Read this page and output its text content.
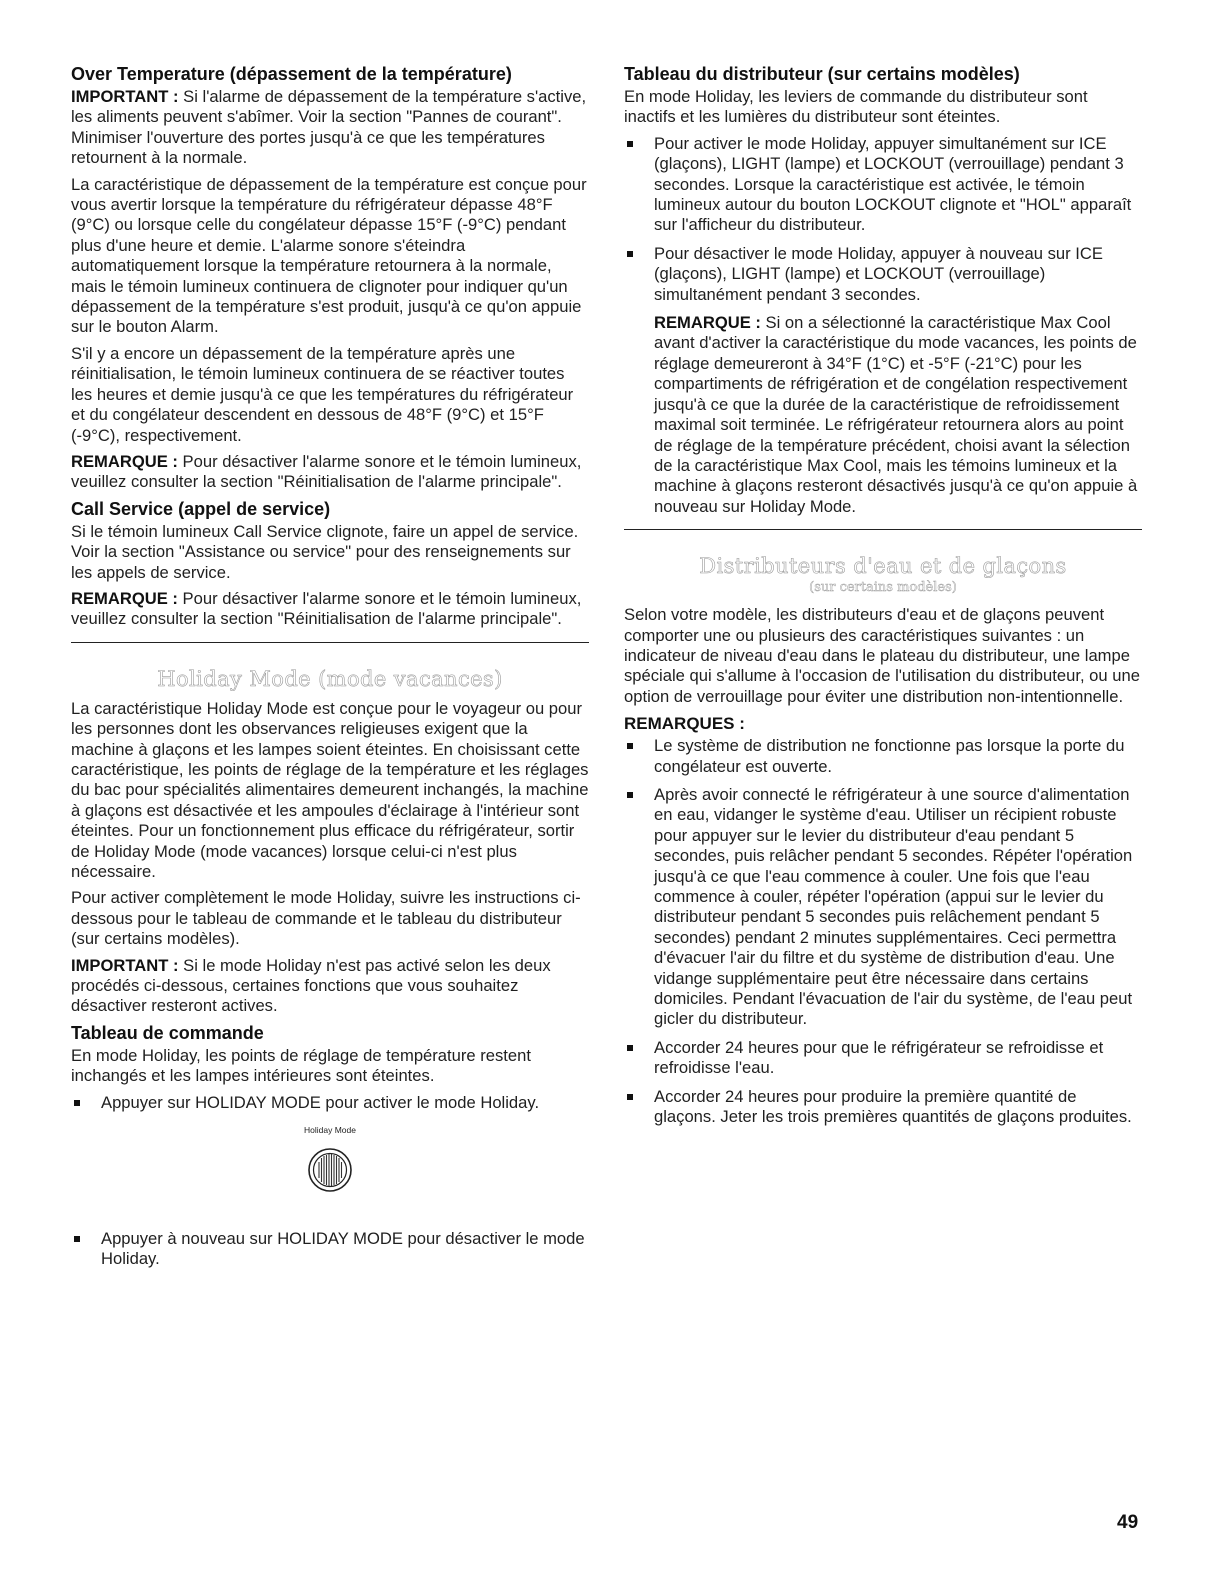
Over Temperature (dépassement de la température)

IMPORTANT : Si l'alarme de dépassement de la température s'active, les aliments peuvent s'abîmer. Voir la section "Pannes de courant". Minimiser l'ouverture des portes jusqu'à ce que les températures retournent à la normale.

La caractéristique de dépassement de la température est conçue pour vous avertir lorsque la température du réfrigérateur dépasse 48°F (9°C) ou lorsque celle du congélateur dépasse 15°F (-9°C) pendant plus d'une heure et demie. L'alarme sonore s'éteindra automatiquement lorsque la température retournera à la normale, mais le témoin lumineux continuera de clignoter pour indiquer qu'un dépassement de la température s'est produit, jusqu'à ce qu'on appuie sur le bouton Alarm.

S'il y a encore un dépassement de la température après une réinitialisation, le témoin lumineux continuera de se réactiver toutes les heures et demie jusqu'à ce que les températures du réfrigérateur et du congélateur descendent en dessous de 48°F (9°C) et 15°F (-9°C), respectivement.

REMARQUE : Pour désactiver l'alarme sonore et le témoin lumineux, veuillez consulter la section "Réinitialisation de l'alarme principale".

Call Service (appel de service)

Si le témoin lumineux Call Service clignote, faire un appel de service. Voir la section "Assistance ou service" pour des renseignements sur les appels de service.

REMARQUE : Pour désactiver l'alarme sonore et le témoin lumineux, veuillez consulter la section "Réinitialisation de l'alarme principale".

Holiday Mode (mode vacances)

La caractéristique Holiday Mode est conçue pour le voyageur ou pour les personnes dont les observances religieuses exigent que la machine à glaçons et les lampes soient éteintes. En choisissant cette caractéristique, les points de réglage de la température et les réglages du bac pour spécialités alimentaires demeurent inchangés, la machine à glaçons est désactivée et les ampoules d'éclairage à l'intérieur sont éteintes. Pour un fonctionnement plus efficace du réfrigérateur, sortir de Holiday Mode (mode vacances) lorsque celui-ci n'est plus nécessaire.

Pour activer complètement le mode Holiday, suivre les instructions ci-dessous pour le tableau de commande et le tableau du distributeur (sur certains modèles).

IMPORTANT : Si le mode Holiday n'est pas activé selon les deux procédés ci-dessous, certaines fonctions que vous souhaitez désactiver resteront actives.

Tableau de commande

En mode Holiday, les points de réglage de température restent inchangés et les lampes intérieures sont éteintes.

Appuyer sur HOLIDAY MODE pour activer le mode Holiday.

Holiday Mode

Appuyer à nouveau sur HOLIDAY MODE pour désactiver le mode Holiday.

Tableau du distributeur (sur certains modèles)

En mode Holiday, les leviers de commande du distributeur sont inactifs et les lumières du distributeur sont éteintes.

Pour activer le mode Holiday, appuyer simultanément sur ICE (glaçons), LIGHT (lampe) et LOCKOUT (verrouillage) pendant 3 secondes. Lorsque la caractéristique est activée, le témoin lumineux autour du bouton LOCKOUT clignote et "HOL" apparaît sur l'afficheur du distributeur.

Pour désactiver le mode Holiday, appuyer à nouveau sur ICE (glaçons), LIGHT (lampe) et LOCKOUT (verrouillage) simultanément pendant 3 secondes.

REMARQUE : Si on a sélectionné la caractéristique Max Cool avant d'activer la caractéristique du mode vacances, les points de réglage demeureront à 34°F (1°C) et -5°F (-21°C) pour les compartiments de réfrigération et de congélation respectivement jusqu'à ce que la durée de la caractéristique de refroidissement maximal soit terminée. Le réfrigérateur retournera alors au point de réglage de la température précédent, choisi avant la sélection de la caractéristique Max Cool, mais les témoins lumineux et la machine à glaçons resteront désactivés jusqu'à ce qu'on appuie à nouveau sur Holiday Mode.

Distributeurs d'eau et de glaçons
(sur certains modèles)

Selon votre modèle, les distributeurs d'eau et de glaçons peuvent comporter une ou plusieurs des caractéristiques suivantes : un indicateur de niveau d'eau dans le plateau du distributeur, une lampe spéciale qui s'allume à l'occasion de l'utilisation du distributeur, ou une option de verrouillage pour éviter une distribution non-intentionnelle.

REMARQUES :

Le système de distribution ne fonctionne pas lorsque la porte du congélateur est ouverte.

Après avoir connecté le réfrigérateur à une source d'alimentation en eau, vidanger le système d'eau. Utiliser un récipient robuste pour appuyer sur le levier du distributeur d'eau pendant 5 secondes, puis relâcher pendant 5 secondes. Répéter l'opération jusqu'à ce que l'eau commence à couler. Une fois que l'eau commence à couler, répéter l'opération (appui sur le levier du distributeur pendant 5 secondes puis relâchement pendant 5 secondes) pendant 2 minutes supplémentaires. Ceci permettra d'évacuer l'air du filtre et du système de distribution d'eau. Une vidange supplémentaire peut être nécessaire dans certains domiciles. Pendant l'évacuation de l'air du système, de l'eau peut gicler du distributeur.

Accorder 24 heures pour que le réfrigérateur se refroidisse et refroidisse l'eau.

Accorder 24 heures pour produire la première quantité de glaçons. Jeter les trois premières quantités de glaçons produites.

49
